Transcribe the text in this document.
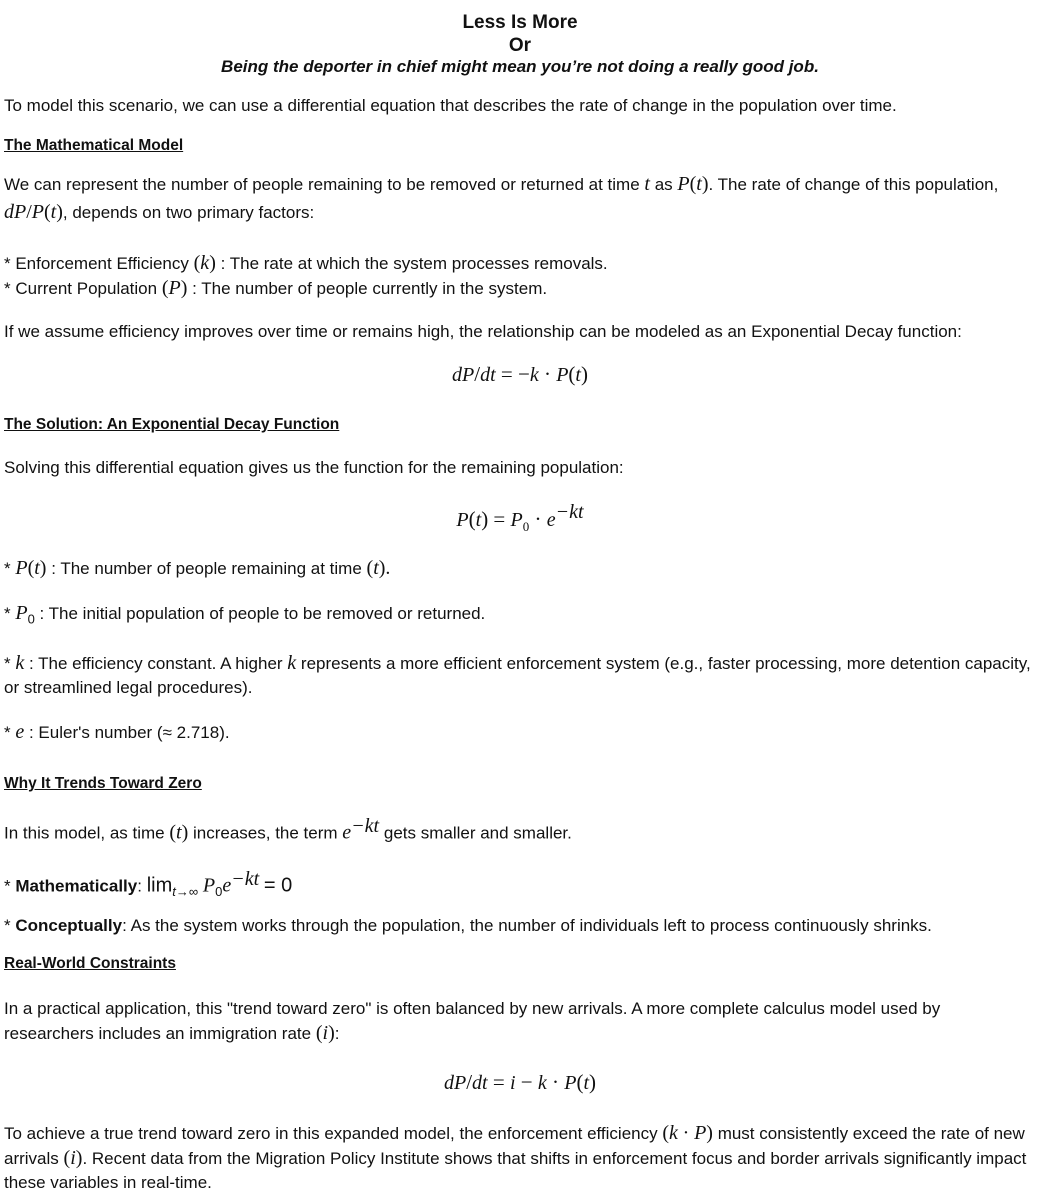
Less Is More
Or
Being the deporter in chief might mean you’re not doing a really good job.
To model this scenario, we can use a differential equation that describes the rate of change in the population over time.
The Mathematical Model
We can represent the number of people remaining to be removed or returned at time t as P(t). The rate of change of this population,
dP/P(t), depends on two primary factors:
* Enforcement Efficiency (k) : The rate at which the system processes removals.
* Current Population (P) : The number of people currently in the system.
If we assume efficiency improves over time or remains high, the relationship can be modeled as an Exponential Decay function:
dP/dt = −k · P(t)
The Solution: An Exponential Decay Function
Solving this differential equation gives us the function for the remaining population:
$P(t) = P_0 \cdot e^{-kt}$
* P(t) : The number of people remaining at time (t).
* $P_0$ : The initial population of people to be removed or returned.
* k : The efficiency constant. A higher k represents a more efficient enforcement system (e.g., faster processing, more detention capacity, or streamlined legal procedures).
* e : Euler's number (≈ 2.718).
Why It Trends Toward Zero
In this model, as time (t) increases, the term $e^{-kt}$ gets smaller and smaller.
* Mathematically: $\lim_{t\to\infty} P_0e^{-kt} = 0$
* Conceptually: As the system works through the population, the number of individuals left to process continuously shrinks.
Real-World Constraints
In a practical application, this "trend toward zero" is often balanced by new arrivals. A more complete calculus model used by researchers includes an immigration rate (i):
dP/dt = i − k · P(t)
To achieve a true trend toward zero in this expanded model, the enforcement efficiency (k · P) must consistently exceed the rate of new arrivals (i). Recent data from the Migration Policy Institute shows that shifts in enforcement focus and border arrivals significantly impact these variables in real-time.
